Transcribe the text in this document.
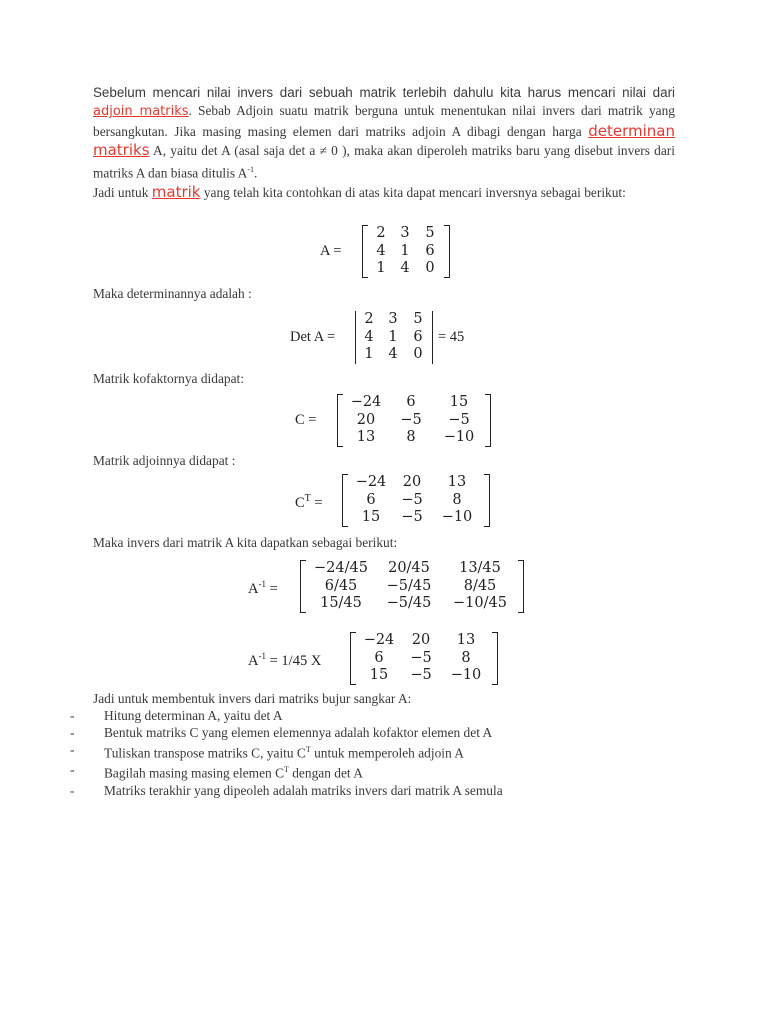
Sebelum mencari nilai invers dari sebuah matrik terlebih dahulu kita harus mencari nilai dari adjoin matriks. Sebab Adjoin suatu matrik berguna untuk menentukan nilai invers dari matrik yang bersangkutan. Jika masing masing elemen dari matriks adjoin A dibagi dengan harga determinan matriks A, yaitu det A (asal saja det a ≠ 0 ), maka akan diperoleh matriks baru yang disebut invers dari matriks A dan biasa ditulis $A^{-1}$.
Jadi untuk matrik yang telah kita contohkan di atas kita dapat mencari inversnya sebagai berikut:
A =
2	3	5
4	1	6
1	4	0
Maka determinannya adalah :
Det A =
2	3	5
4	1	6
1	4	0
= 45
Matrik kofaktornya didapat:
C =
−24	6	15
20	−5	−5
13	8	−10
Matrik adjoinnya didapat :
$C^T$ =
−24	20	13
6	−5	8
15	−5	−10
Maka invers dari matrik A kita dapatkan sebagai berikut:
$A^{-1}$ =
−24/45	20/45	13/45
6/45	−5/45	8/45
15/45	−5/45	−10/45
$A^{-1} = 1/45$ X
−24	20	13
6	−5	8
15	−5	−10
Jadi untuk membentuk invers dari matriks bujur sangkar A:
-	Hitung determinan A, yaitu det A
-	Bentuk matriks C yang elemen elemennya adalah kofaktor elemen det A
-	Tuliskan transpose matriks C, yaitu $C^T$ untuk memperoleh adjoin A
-	Bagilah masing masing elemen $C^T$ dengan det A
-	Matriks terakhir yang dipeoleh adalah matriks invers dari matrik A semula
